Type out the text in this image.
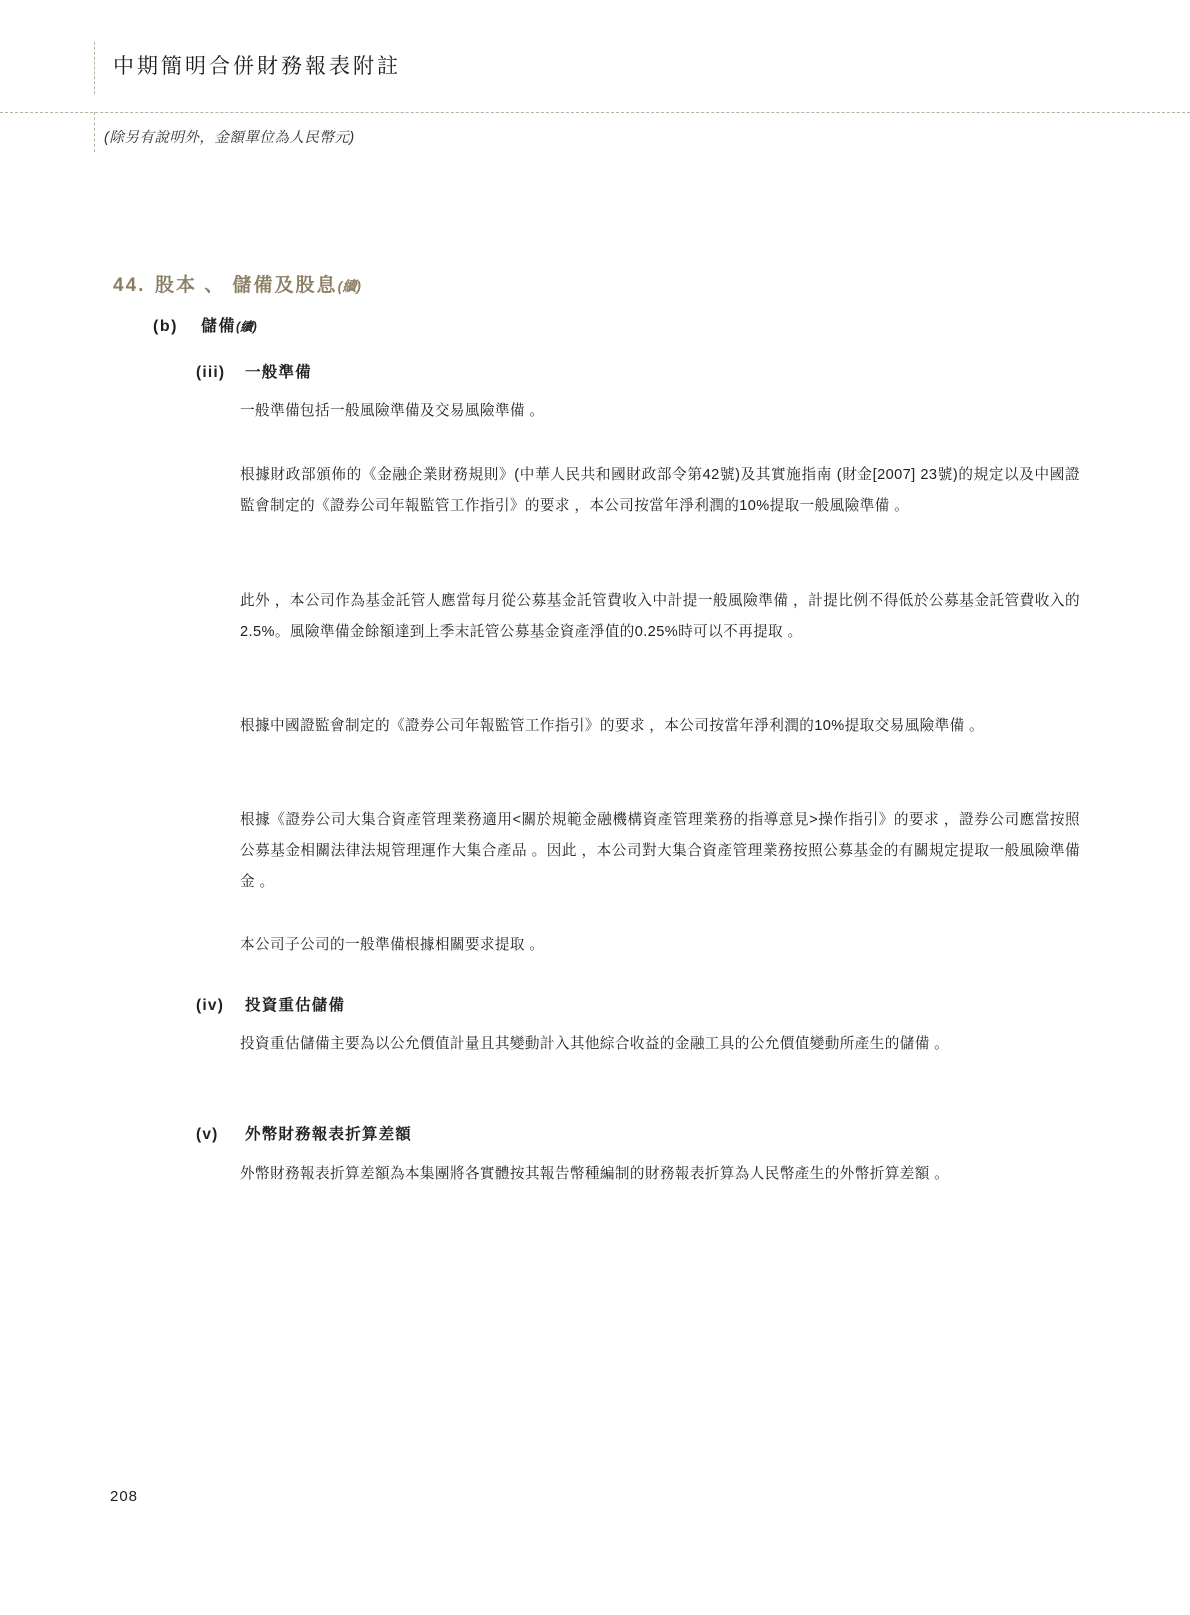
中期簡明合併財務報表附註
(除另有說明外，金額單位為人民幣元)
44. 股本 、 儲備及股息(續)
(b) 儲備(續)
(iii) 一般準備
一般準備包括一般風險準備及交易風險準備 。
根據財政部頒佈的《金融企業財務規則》(中華人民共和國財政部令第42號)及其實施指南 (財金[2007] 23號)的規定以及中國證監會制定的《證券公司年報監管工作指引》的要求 ，本公司按當年淨利潤的10%提取一般風險準備 。
此外 ，本公司作為基金託管人應當每月從公募基金託管費收入中計提一般風險準備 ，計提比例不得低於公募基金託管費收入的2.5%。風險準備金餘額達到上季末託管公募基金資產淨值的0.25%時可以不再提取 。
根據中國證監會制定的《證券公司年報監管工作指引》的要求 ，本公司按當年淨利潤的10%提取交易風險準備 。
根據《證券公司大集合資產管理業務適用<關於規範金融機構資產管理業務的指導意見>操作指引》的要求 ，證券公司應當按照公募基金相關法律法規管理運作大集合產品 。因此 ，本公司對大集合資產管理業務按照公募基金的有關規定提取一般風險準備金 。
本公司子公司的一般準備根據相關要求提取 。
(iv) 投資重估儲備
投資重估儲備主要為以公允價值計量且其變動計入其他綜合收益的金融工具的公允價值變動所產生的儲備 。
(v) 外幣財務報表折算差額
外幣財務報表折算差額為本集團將各實體按其報告幣種編制的財務報表折算為人民幣產生的外幣折算差額 。
208
